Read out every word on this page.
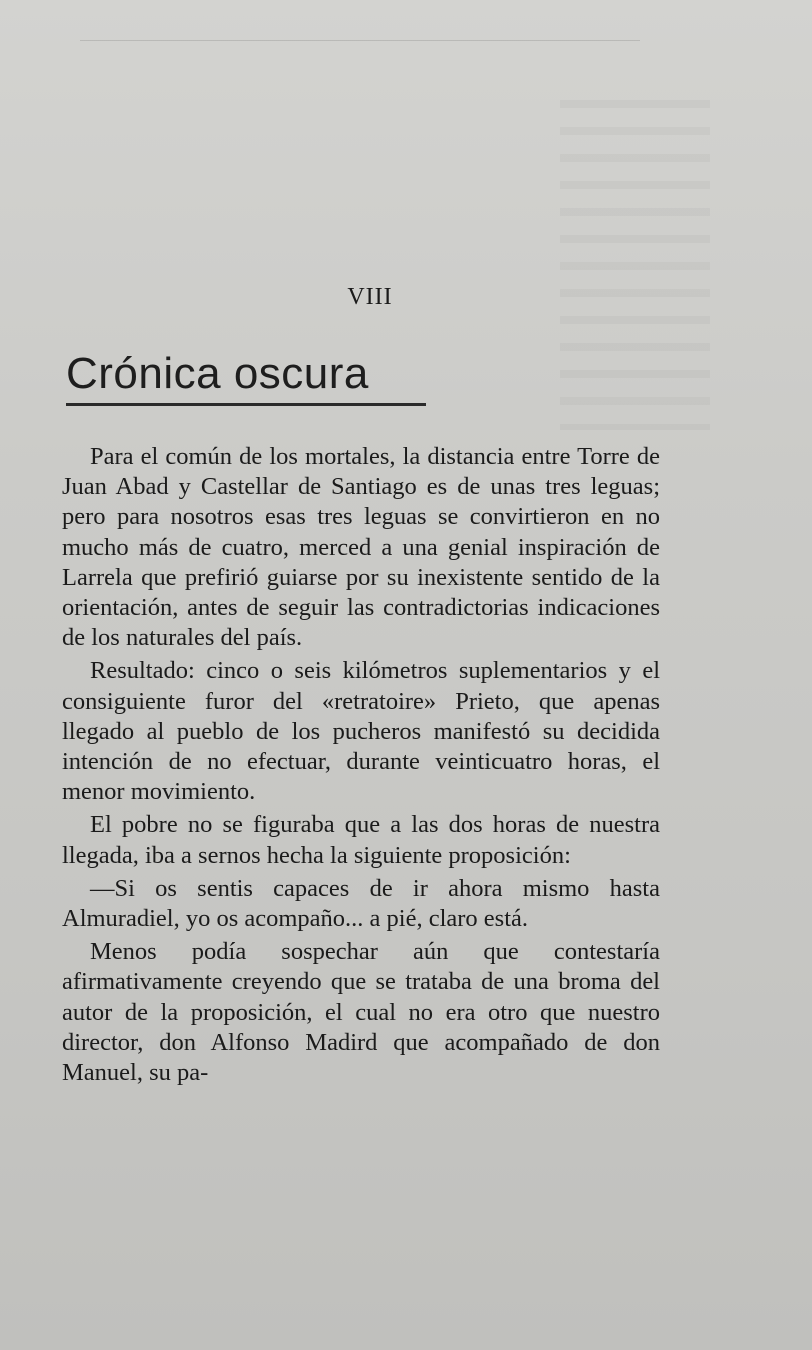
VIII
Crónica oscura

Para el común de los mortales, la distancia entre Torre de Juan Abad y Castellar de Santiago es de unas tres leguas; pero para nosotros esas tres leguas se convirtieron en no mucho más de cuatro, merced a una genial inspiración de Larrela que prefirió guiarse por su inexistente sentido de la orientación, antes de seguir las contradictorias indicaciones de los naturales del país.

Resultado: cinco o seis kilómetros suplementarios y el consiguiente furor del «retratoire» Prieto, que apenas llegado al pueblo de los pucheros manifestó su decidida intención de no efectuar, durante veinticuatro horas, el menor movimiento.

El pobre no se figuraba que a las dos horas de nuestra llegada, iba a sernos hecha la siguiente proposición:

—Si os sentis capaces de ir ahora mismo hasta Almuradiel, yo os acompaño... a pié, claro está.

Menos podía sospechar aún que contestaría afirmativamente creyendo que se trataba de una broma del autor de la proposición, el cual no era otro que nuestro director, don Alfonso Madird que acompañado de don Manuel, su pa-
